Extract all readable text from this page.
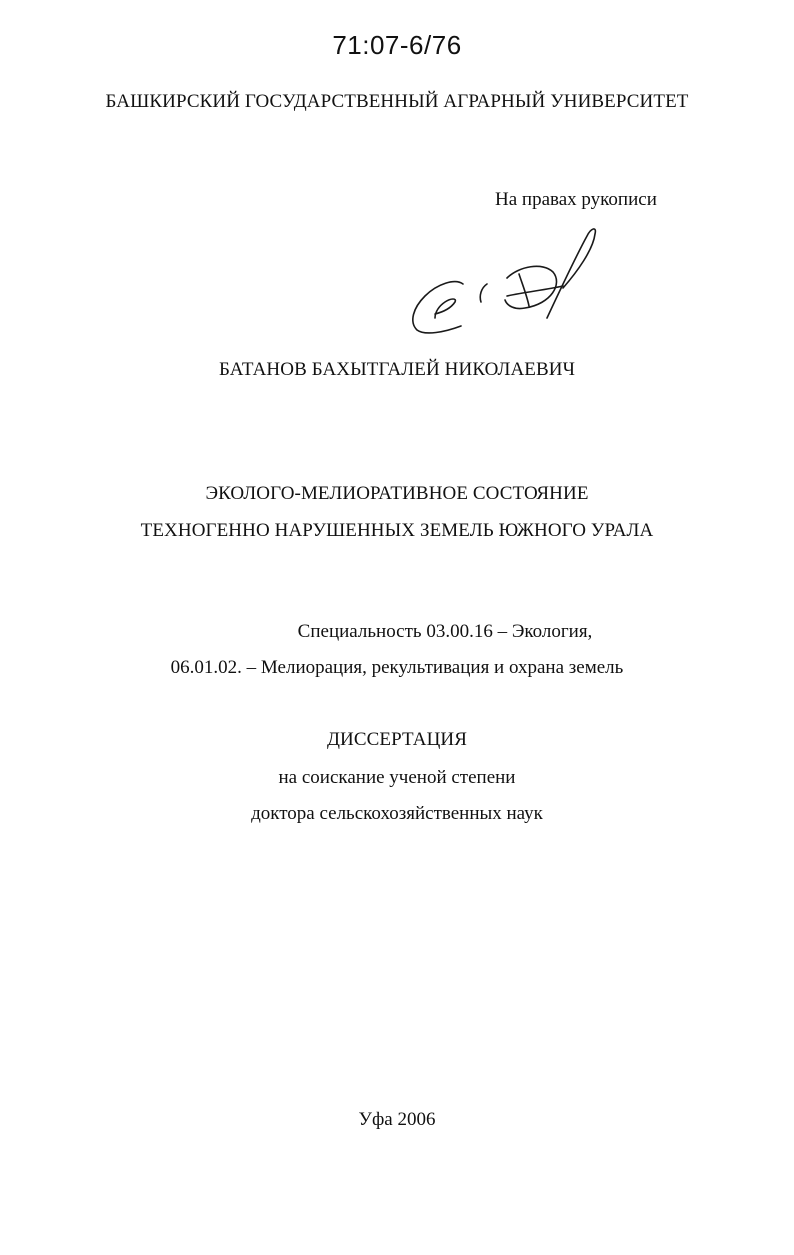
71:07-6/76
БАШКИРСКИЙ ГОСУДАРСТВЕННЫЙ АГРАРНЫЙ УНИВЕРСИТЕТ
На правах рукописи
БАТАНОВ БАХЫТГАЛЕЙ НИКОЛАЕВИЧ
ЭКОЛОГО-МЕЛИОРАТИВНОЕ СОСТОЯНИЕ
ТЕХНОГЕННО НАРУШЕННЫХ ЗЕМЕЛЬ ЮЖНОГО УРАЛА
Специальность 03.00.16 – Экология,
06.01.02. – Мелиорация, рекультивация и охрана земель
ДИССЕРТАЦИЯ
на соискание ученой степени
доктора сельскохозяйственных наук
Уфа 2006
